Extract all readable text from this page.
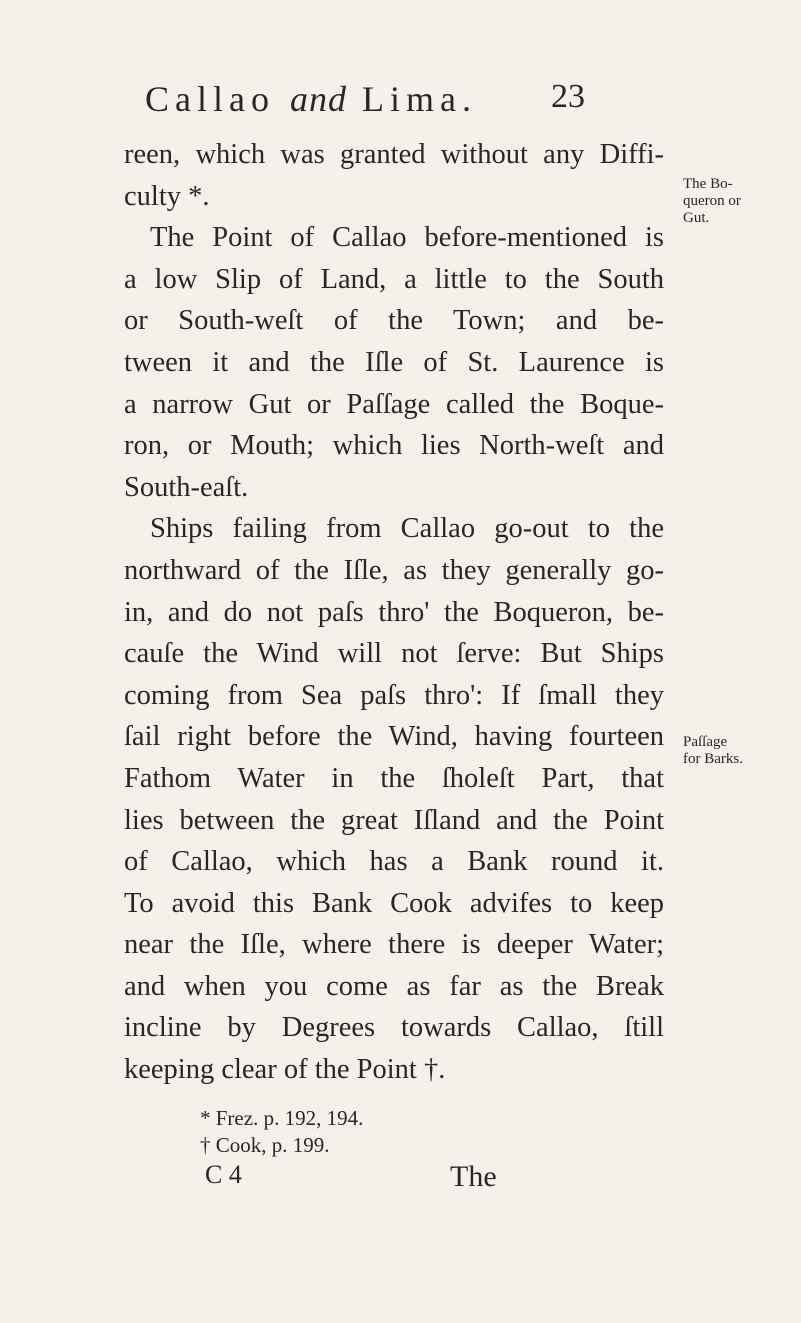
Callao and Lima. 23
reen, which was granted without any Diffi-
culty *.
The Point of Callao before-mentioned is
a low Slip of Land, a little to the South
or South-weſt of the Town; and be-
tween it and the Iſle of St. Laurence is
a narrow Gut or Paſſage called the Boque-
ron, or Mouth; which lies North-weſt and
South-eaſt.
Ships failing from Callao go-out to the
northward of the Iſle, as they generally go-
in, and do not paſs thro' the Boqueron, be-
cauſe the Wind will not ſerve: But Ships
coming from Sea paſs thro': If ſmall they
ſail right before the Wind, having fourteen
Fathom Water in the ſholeſt Part, that
lies between the great Iſland and the Point
of Callao, which has a Bank round it.
To avoid this Bank Cook advifes to keep
near the Iſle, where there is deeper Water;
and when you come as far as the Break
incline by Degrees towards Callao, ſtill
keeping clear of the Point †.
The Bo-
queron or
Gut.
Paſſage
for Barks.
* Frez. p. 192, 194.
† Cook, p. 199.
C 4	The
